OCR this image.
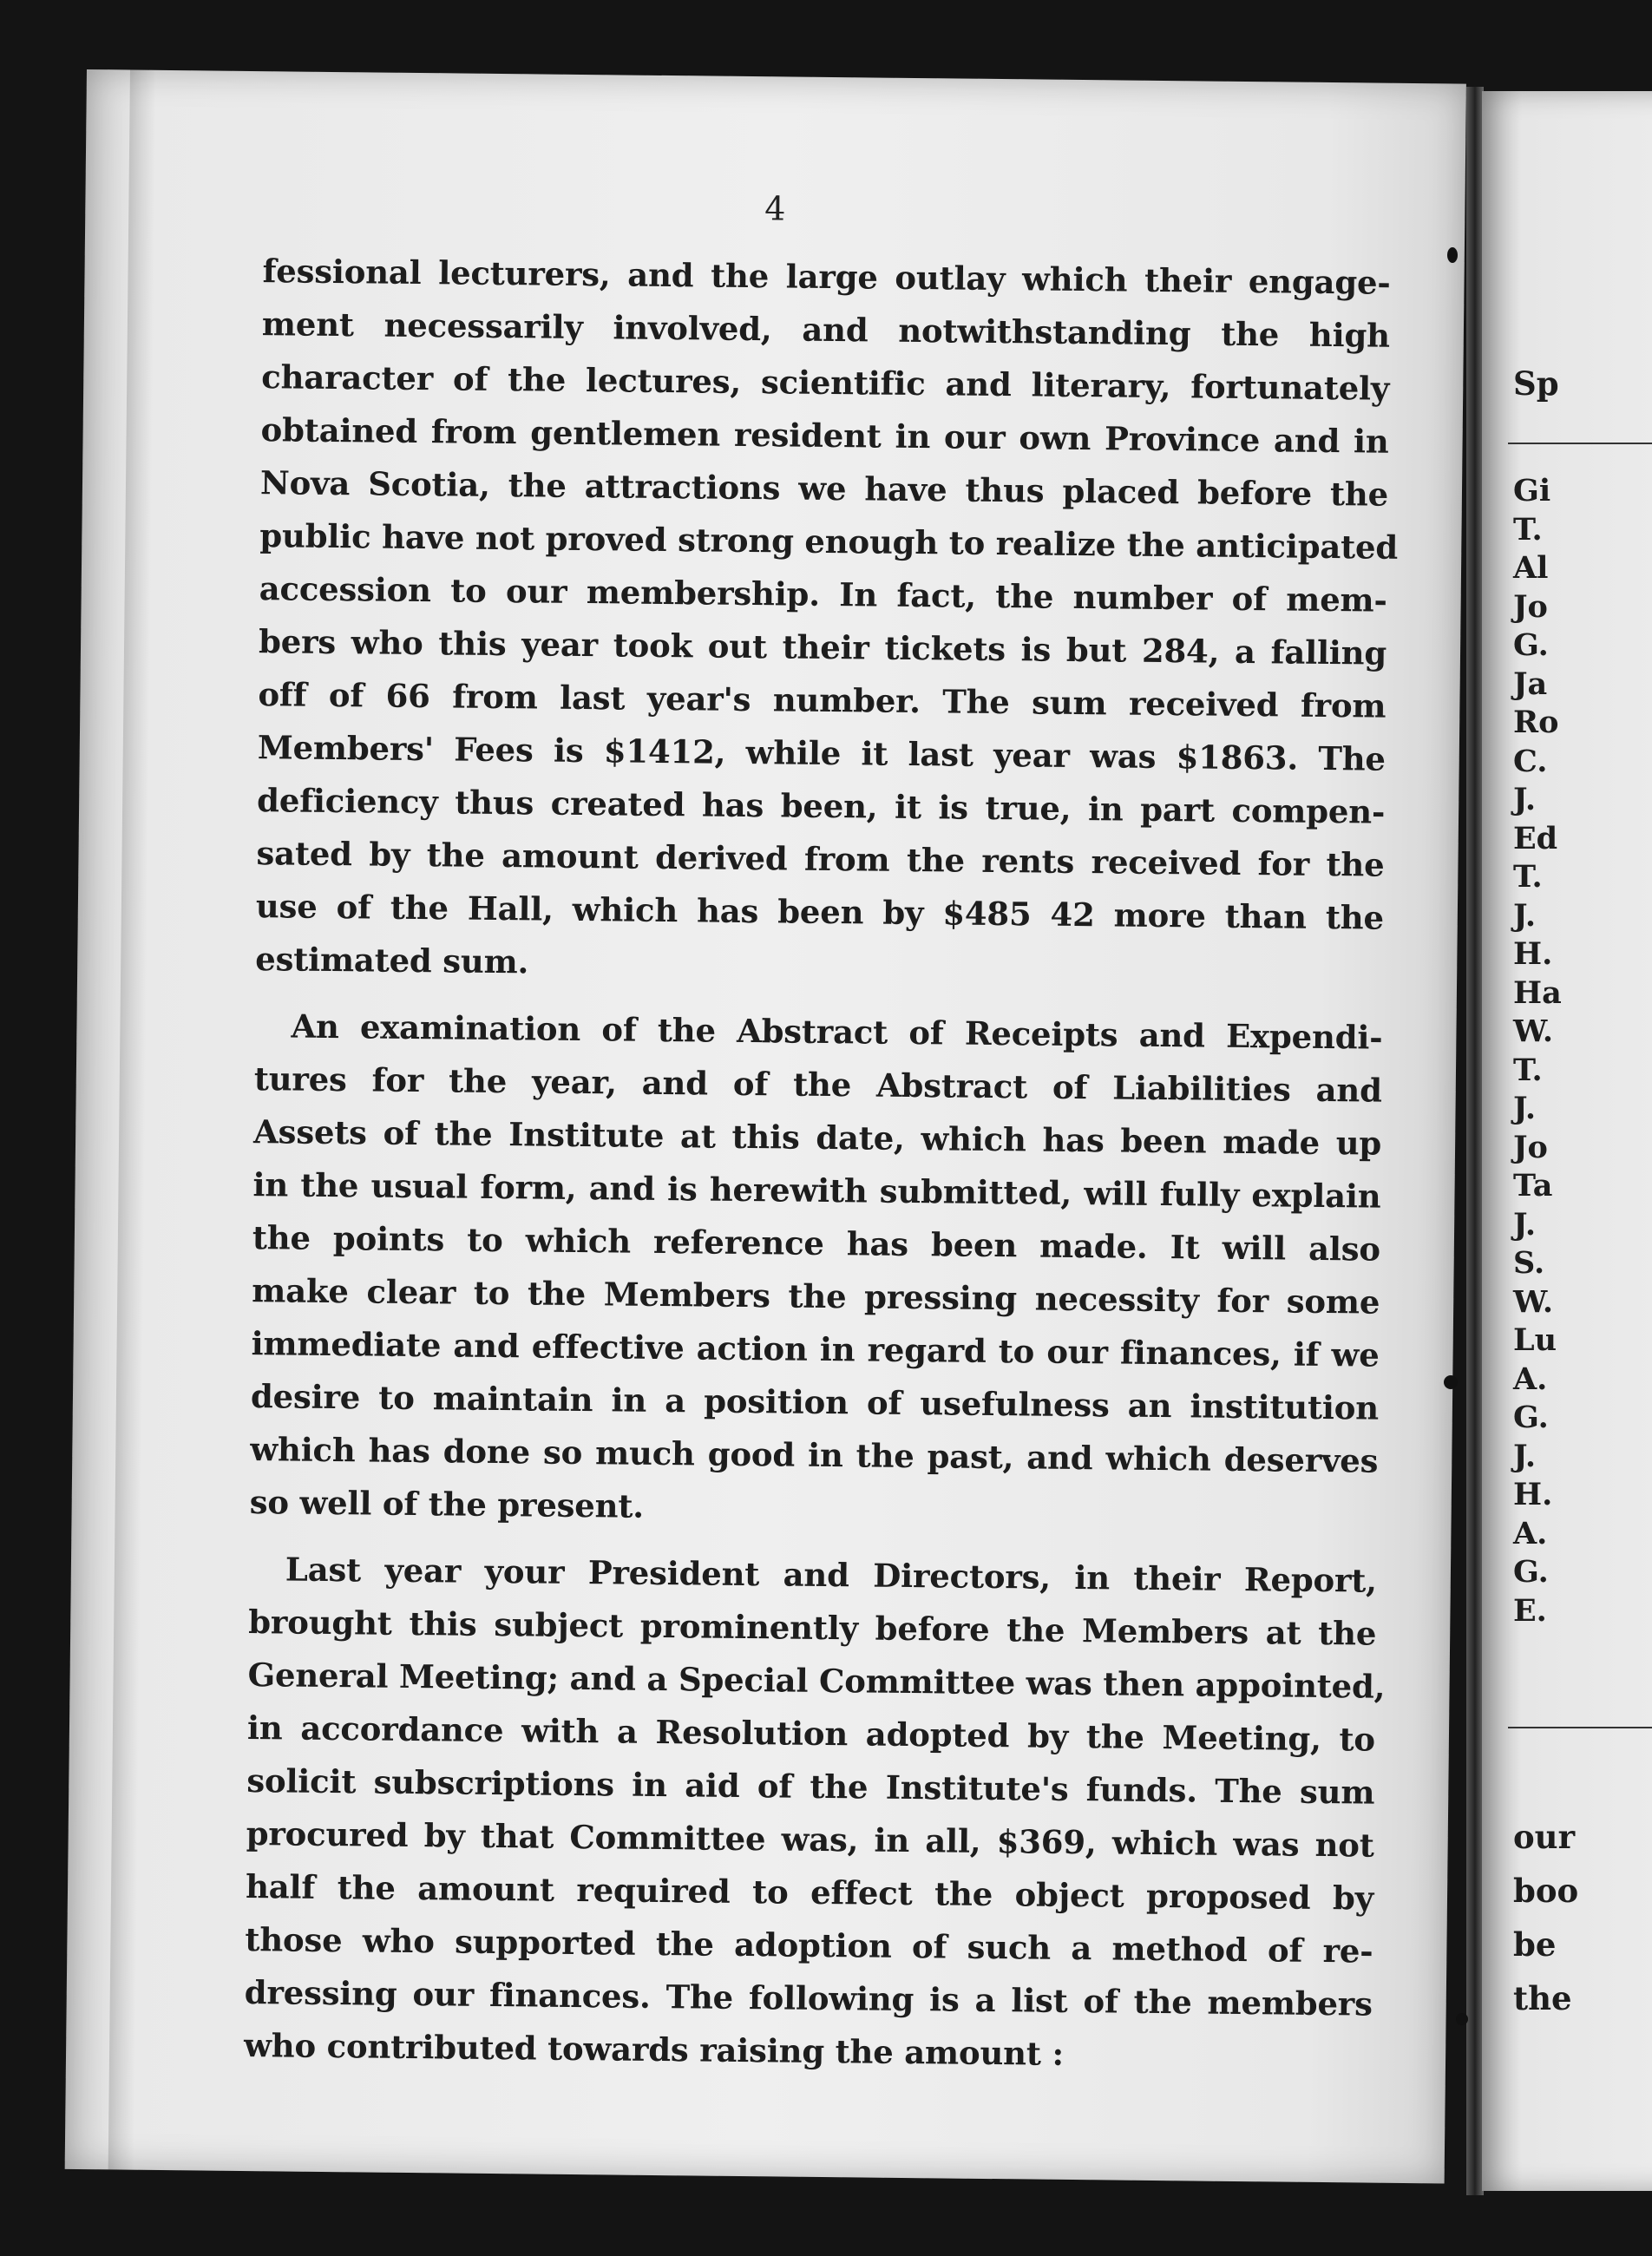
4
fessional lecturers, and the large outlay which their engage-
ment necessarily involved, and notwithstanding the high
character of the lectures, scientific and literary, fortunately
obtained from gentlemen resident in our own Province and in
Nova Scotia, the attractions we have thus placed before the
public have not proved strong enough to realize the anticipated
accession to our membership. In fact, the number of mem-
bers who this year took out their tickets is but 284, a falling
off of 66 from last year's number. The sum received from
Members' Fees is $1412, while it last year was $1863. The
deficiency thus created has been, it is true, in part compen-
sated by the amount derived from the rents received for the
use of the Hall, which has been by $485 42 more than the
estimated sum.
An examination of the Abstract of Receipts and Expendi-
tures for the year, and of the Abstract of Liabilities and
Assets of the Institute at this date, which has been made up
in the usual form, and is herewith submitted, will fully explain
the points to which reference has been made. It will also
make clear to the Members the pressing necessity for some
immediate and effective action in regard to our finances, if we
desire to maintain in a position of usefulness an institution
which has done so much good in the past, and which deserves
so well of the present.
Last year your President and Directors, in their Report,
brought this subject prominently before the Members at the
General Meeting; and a Special Committee was then appointed,
in accordance with a Resolution adopted by the Meeting, to
solicit subscriptions in aid of the Institute's funds. The sum
procured by that Committee was, in all, $369, which was not
half the amount required to effect the object proposed by
those who supported the adoption of such a method of re-
dressing our finances. The following is a list of the members
who contributed towards raising the amount :
Sp
Gi
T.
Al
Jo
G.
Ja
Ro
C.
J.
Ed
T.
J.
H.
Ha
W.
T.
J.
Jo
Ta
J.
S.
W.
Lu
A.
G.
J.
H.
A.
G.
E.
our
boo
be
the
